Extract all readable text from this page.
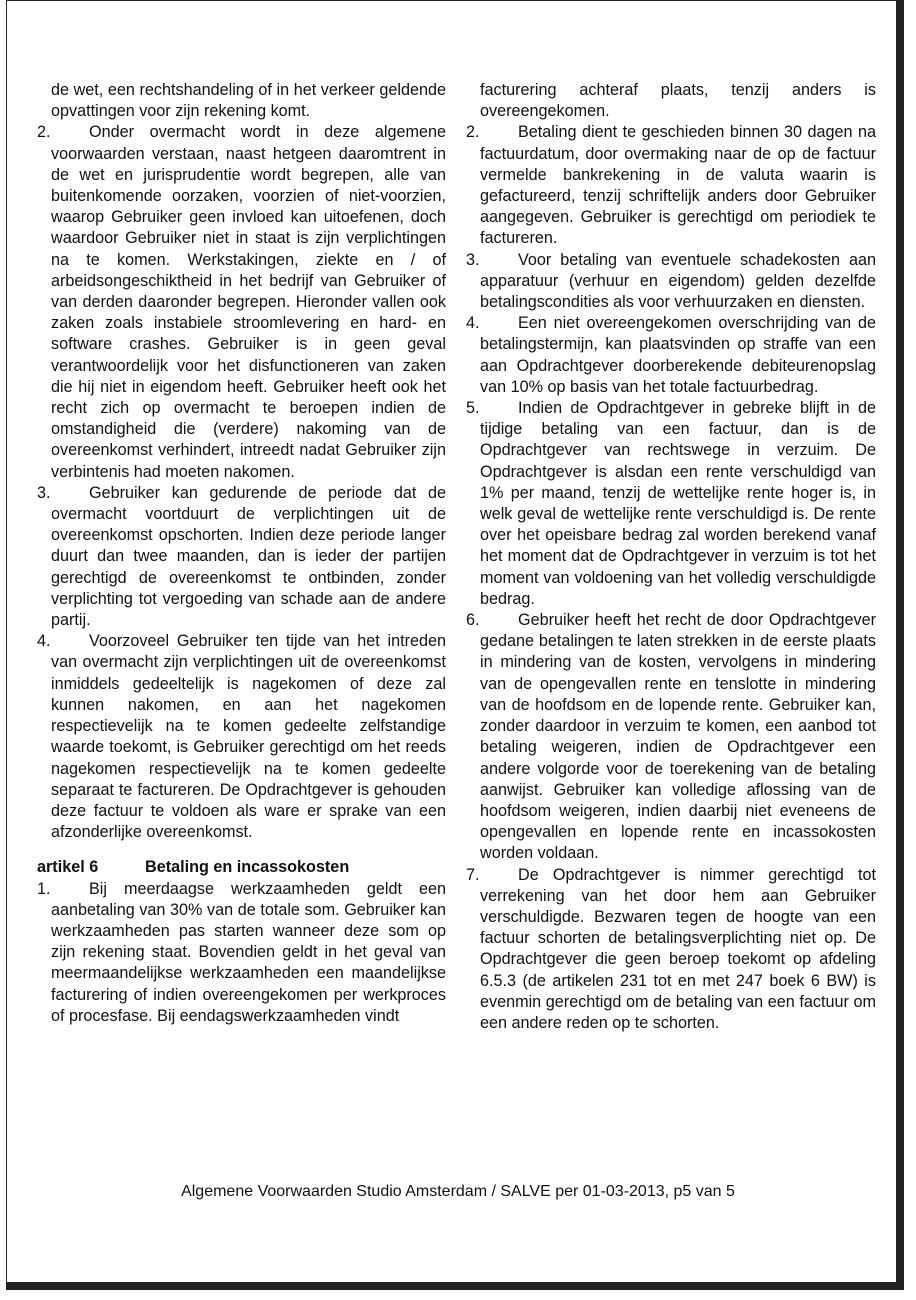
de wet, een rechtshandeling of in het verkeer geldende opvattingen voor zijn rekening komt.

2.	Onder overmacht wordt in deze algemene voorwaarden verstaan, naast hetgeen daaromtrent in de wet en jurisprudentie wordt begrepen, alle van buitenkomende oorzaken, voorzien of niet-voorzien, waarop Gebruiker geen invloed kan uitoefenen, doch waardoor Gebruiker niet in staat is zijn verplichtingen na te komen. Werkstakingen, ziekte en / of arbeidsongeschiktheid in het bedrijf van Gebruiker of van derden daaronder begrepen. Hieronder vallen ook zaken zoals instabiele stroomlevering en hard- en software crashes. Gebruiker is in geen geval verantwoordelijk voor het disfunctioneren van zaken die hij niet in eigendom heeft. Gebruiker heeft ook het recht zich op overmacht te beroepen indien de omstandigheid die (verdere) nakoming van de overeenkomst verhindert, intreedt nadat Gebruiker zijn verbintenis had moeten nakomen.
3.	Gebruiker kan gedurende de periode dat de overmacht voortduurt de verplichtingen uit de overeenkomst opschorten. Indien deze periode langer duurt dan twee maanden, dan is ieder der partijen gerechtigd de overeenkomst te ontbinden, zonder verplichting tot vergoeding van schade aan de andere partij.
4.	Voorzoveel Gebruiker ten tijde van het intreden van overmacht zijn verplichtingen uit de overeenkomst inmiddels gedeeltelijk is nagekomen of deze zal kunnen nakomen, en aan het nagekomen respectievelijk na te komen gedeelte zelfstandige waarde toekomt, is Gebruiker gerechtigd om het reeds nagekomen respectievelijk na te komen gedeelte separaat te factureren. De Opdrachtgever is gehouden deze factuur te voldoen als ware er sprake van een afzonderlijke overeenkomst.
artikel 6	Betaling en incassokosten
1.	Bij meerdaagse werkzaamheden geldt een aanbetaling van 30% van de totale som. Gebruiker kan werkzaamheden pas starten wanneer deze som op zijn rekening staat. Bovendien geldt in het geval van meermaandelijkse werkzaamheden een maandelijkse facturering of indien overeengekomen per werkproces of procesfase. Bij eendagswerkzaamheden vindt

facturering achteraf plaats, tenzij anders is overeengekomen.

2.	Betaling dient te geschieden binnen 30 dagen na factuurdatum, door overmaking naar de op de factuur vermelde bankrekening in de valuta waarin is gefactureerd, tenzij schriftelijk anders door Gebruiker aangegeven. Gebruiker is gerechtigd om periodiek te factureren.
3.	Voor betaling van eventuele schadekosten aan apparatuur (verhuur en eigendom) gelden dezelfde betalingscondities als voor verhuurzaken en diensten.
4.	Een niet overeengekomen overschrijding van de betalingstermijn, kan plaatsvinden op straffe van een aan Opdrachtgever doorberekende debiteurenopslag van 10% op basis van het totale factuurbedrag.
5.	Indien de Opdrachtgever in gebreke blijft in de tijdige betaling van een factuur, dan is de Opdrachtgever van rechtswege in verzuim. De Opdrachtgever is alsdan een rente verschuldigd van 1% per maand, tenzij de wettelijke rente hoger is, in welk geval de wettelijke rente verschuldigd is. De rente over het opeisbare bedrag zal worden berekend vanaf het moment dat de Opdrachtgever in verzuim is tot het moment van voldoening van het volledig verschuldigde bedrag.
6.	Gebruiker heeft het recht de door Opdrachtgever gedane betalingen te laten strekken in de eerste plaats in mindering van de kosten, vervolgens in mindering van de opengevallen rente en tenslotte in mindering van de hoofdsom en de lopende rente. Gebruiker kan, zonder daardoor in verzuim te komen, een aanbod tot betaling weigeren, indien de Opdrachtgever een andere volgorde voor de toerekening van de betaling aanwijst. Gebruiker kan volledige aflossing van de hoofdsom weigeren, indien daarbij niet eveneens de opengevallen en lopende rente en incassokosten worden voldaan.
7.	De Opdrachtgever is nimmer gerechtigd tot verrekening van het door hem aan Gebruiker verschuldigde. Bezwaren tegen de hoogte van een factuur schorten de betalingsverplichting niet op. De Opdrachtgever die geen beroep toekomt op afdeling 6.5.3 (de artikelen 231 tot en met 247 boek 6 BW) is evenmin gerechtigd om de betaling van een factuur om een andere reden op te schorten.
Algemene Voorwaarden Studio Amsterdam / SALVE per 01-03-2013, p5 van 5
